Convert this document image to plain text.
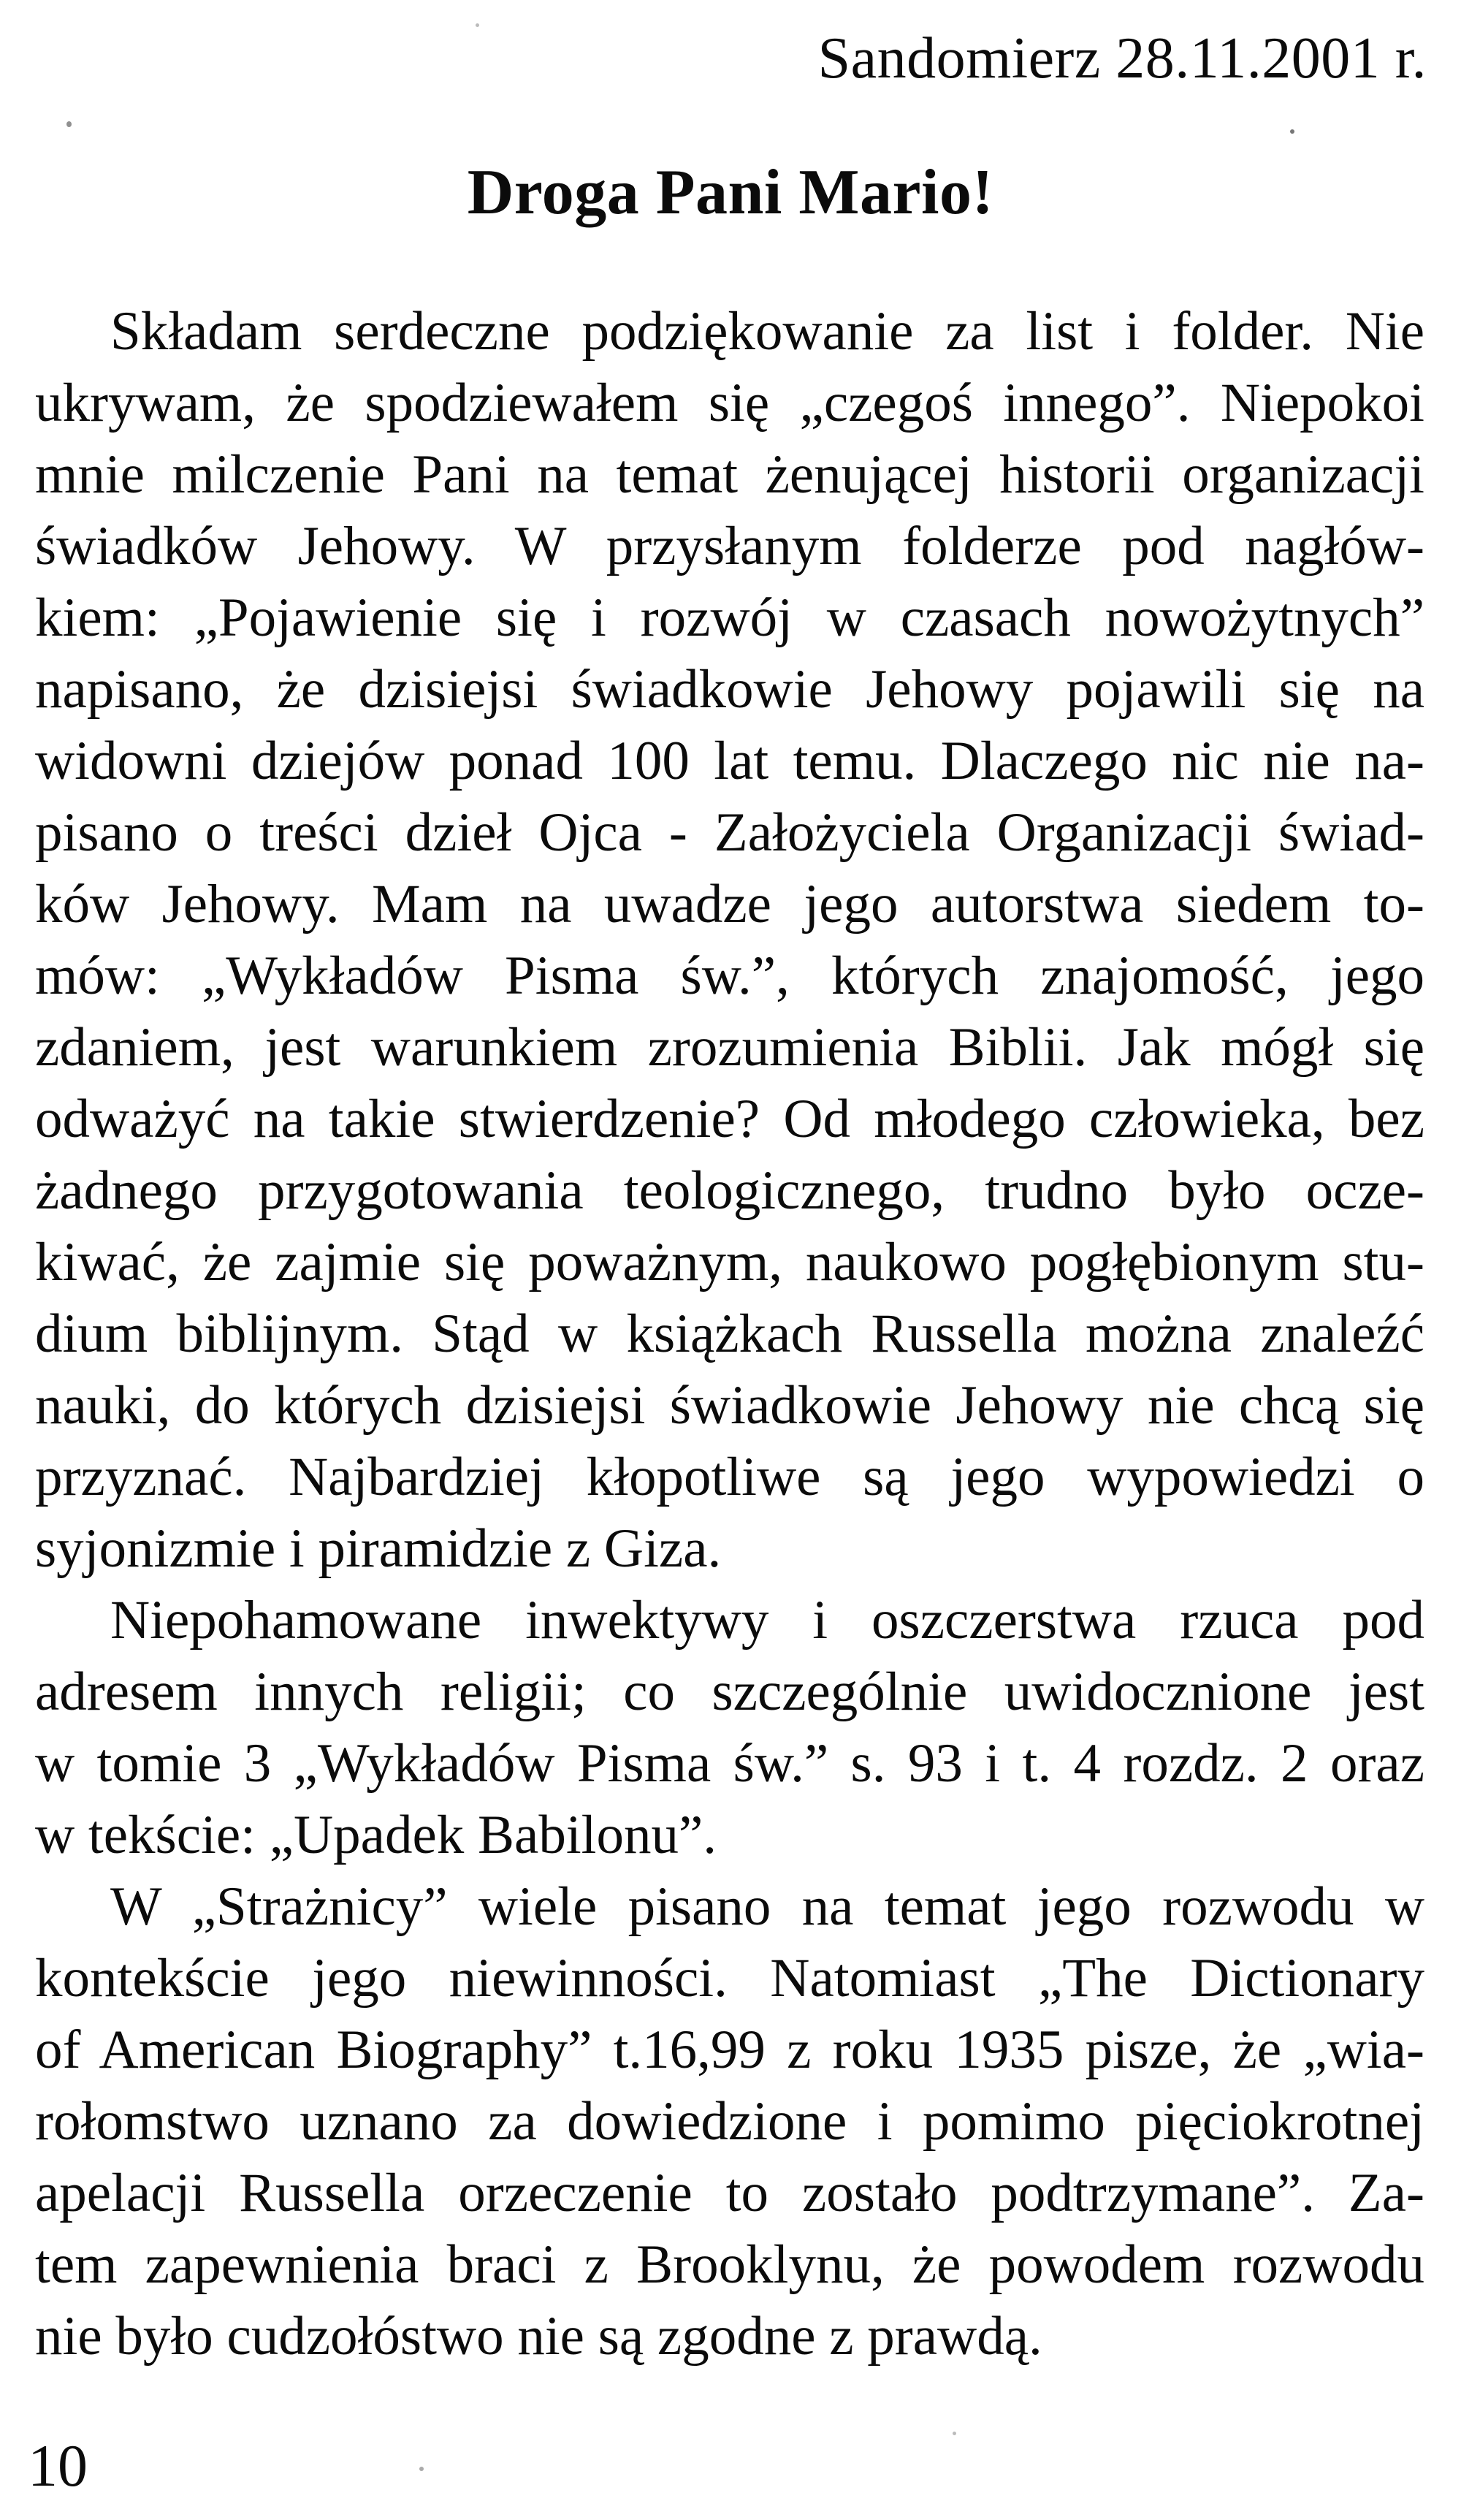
Sandomierz 28.11.2001 r.
Droga Pani Mario!
Składam serdeczne podziękowanie za list i folder. Nie
ukrywam, że spodziewałem się „czegoś innego”. Niepokoi
mnie milczenie Pani na temat żenującej historii organizacji
świadków Jehowy. W przysłanym folderze pod nagłów-
kiem: „Pojawienie się i rozwój w czasach nowożytnych”
napisano, że dzisiejsi świadkowie Jehowy pojawili się na
widowni dziejów ponad 100 lat temu. Dlaczego nic nie na-
pisano o treści dzieł Ojca - Założyciela Organizacji świad-
ków Jehowy. Mam na uwadze jego autorstwa siedem to-
mów: „Wykładów Pisma św.”, których znajomość, jego
zdaniem, jest warunkiem zrozumienia Biblii. Jak mógł się
odważyć na takie stwierdzenie? Od młodego człowieka, bez
żadnego przygotowania teologicznego, trudno było ocze-
kiwać, że zajmie się poważnym, naukowo pogłębionym stu-
dium biblijnym. Stąd w książkach Russella można znaleźć
nauki, do których dzisiejsi świadkowie Jehowy nie chcą się
przyznać. Najbardziej kłopotliwe są jego wypowiedzi o
syjonizmie i piramidzie z Giza.
Niepohamowane inwektywy i oszczerstwa rzuca pod
adresem innych religii; co szczególnie uwidocznione jest
w tomie 3 „Wykładów Pisma św.” s. 93 i t. 4 rozdz. 2 oraz
w tekście: „Upadek Babilonu”.
W „Strażnicy” wiele pisano na temat jego rozwodu w
kontekście jego niewinności. Natomiast „The Dictionary
of American Biography” t.16,99 z roku 1935 pisze, że „wia-
rołomstwo uznano za dowiedzione i pomimo pięciokrotnej
apelacji Russella orzeczenie to zostało podtrzymane”. Za-
tem zapewnienia braci z Brooklynu, że powodem rozwodu
nie było cudzołóstwo nie są zgodne z prawdą.
10
